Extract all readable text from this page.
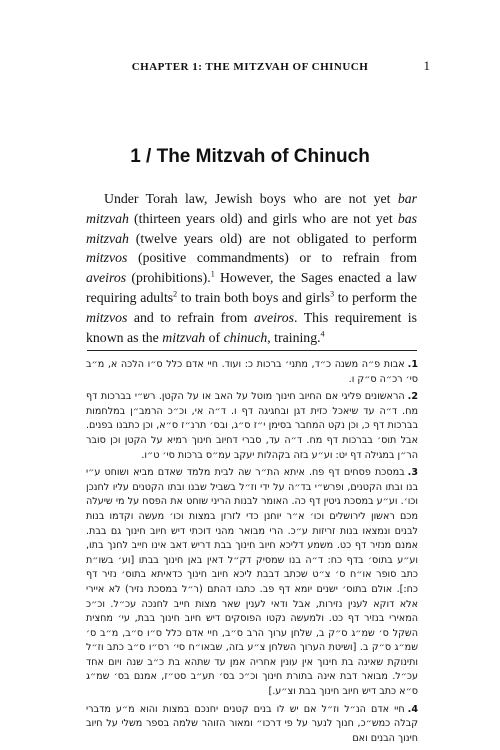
CHAPTER 1: THE MITZVAH OF CHINUCH	1
1 / The Mitzvah of Chinuch

Under Torah law, Jewish boys who are not yet bar mitzvah (thirteen years old) and girls who are not yet bas mitzvah (twelve years old) are not obligated to perform mitzvos (positive commandments) or to refrain from aveiros (prohibitions).$^1$ However, the Sages enacted a law requiring adults$^2$ to train both boys and girls$^3$ to perform the mitzvos and to refrain from aveiros. This requirement is known as the mitzvah of chinuch, training.$^4$

1.אבות פ״ה משנה כ״ד, מתני׳ ברכות כ: ועוד. חיי אדם כלל ס״ו הלכה א, מ״ב סי׳ רכ״ה ס״ק ו.

2.הראשונים פליגי אם החיוב חינוך מוטל על האב או על הקטן. רש״י בברכות דף מח. ד״ה עד שיאכל כזית דגן ובחגיגה דף ו. ד״ה אי, וכ״כ הרמב״ן במלחמות בברכות דף כ, וכן נקט המחבר בסימן י״ז ס״ג, ובס׳ תרנ״ז ס״א, וכן כתבנו בפנים. אבל תוס׳ בברכות דף מח. ד״ה עד, סברי דחיוב חינוך רמיא על הקטן וכן סובר הר״ן במגילה דף יט: וע״ע בזה בקהלות יעקב עמ״ס ברכות סי׳ ט״ו.

3.במסכת פסחים דף פח. איתא הת״ר שה לבית מלמד שאדם מביא ושוחט ע״י בנו ובתו הקטנים, ופרש״י בד״ה על ידי וז״ל בשביל שבנו ובתו הקטנים עליו לחנכן וכו׳. וע״ע במסכת גיטין דף כה. האומר לבנות הריני שוחט את הפסח על מי שיעלה מכם ראשון לירושלים וכו׳ א״ר יוחנן כדי לזרזן במצות וכו׳ מעשה וקדמו בנות לבנים ונמצאו בנות זריזות ע״כ. הרי מבואר מהני דוכתי דיש חיוב חינוך גם בבת. אמנם מנזיר דף כט. משמע דליכא חיוב חינוך בבת דריש דאב אינו חייב לחנך בתו, וע״ע בתוס׳ בדף כח: ד״ה בנו שמסיק דק״ל דאין באן חינוך בבתו [וע׳ בשו״ת כתב סופר או״ח ס׳ צ״ט שכתב דבבת ליכא חיוב חינוך כדאיתא בתוס׳ נזיר דף כח:]. אולם בתוס׳ ישנים יומא דף פב. כתבו דהתם (ר״ל במסכת נזיר) לא איירי אלא דוקא לענין נזירות, אבל ודאי לענין שאר מצות חייב לחנכה עכ״ל. וכ״כ המאירי בנזיר דף כט. ולמעשה נקטו הפוסקים דיש חיוב חינוך בבת, עי׳ מחצית השקל ס׳ שמ״ג ס״ק ב, שלחן ערוך הרב ס״ב, חיי אדם כלל ס״ו ס״ב, מ״ב ס׳ שמ״ג ס״ק ב. [ושיטת הערוך השלחן צ״ע בזה, שבאו״ח סי׳ רס״ו ס״ב כתב וז״ל ותינוקת שאינה בת חינוך אין עונין אחריה אמן עד שתהא בת כ״ב שנה ויום אחד עכ״ל. מבואר דבת אינה בתורת חינוך וכ״כ בס׳ תע״ב סט״ז, אמנם בס׳ שמ״ג ס״א כתב דיש חיוב חינוך בבת וצ״ע.]

4.חיי אדם הנ״ל וז״ל אם יש לו בנים קטנים יחנכם במצות והוא מ״ע מדברי קבלה כמש״כ, חנוך לנער על פי דרכו״ ומאור הזוהר שלמה בספר משלי על חיוב חינוך הבנים ואם
